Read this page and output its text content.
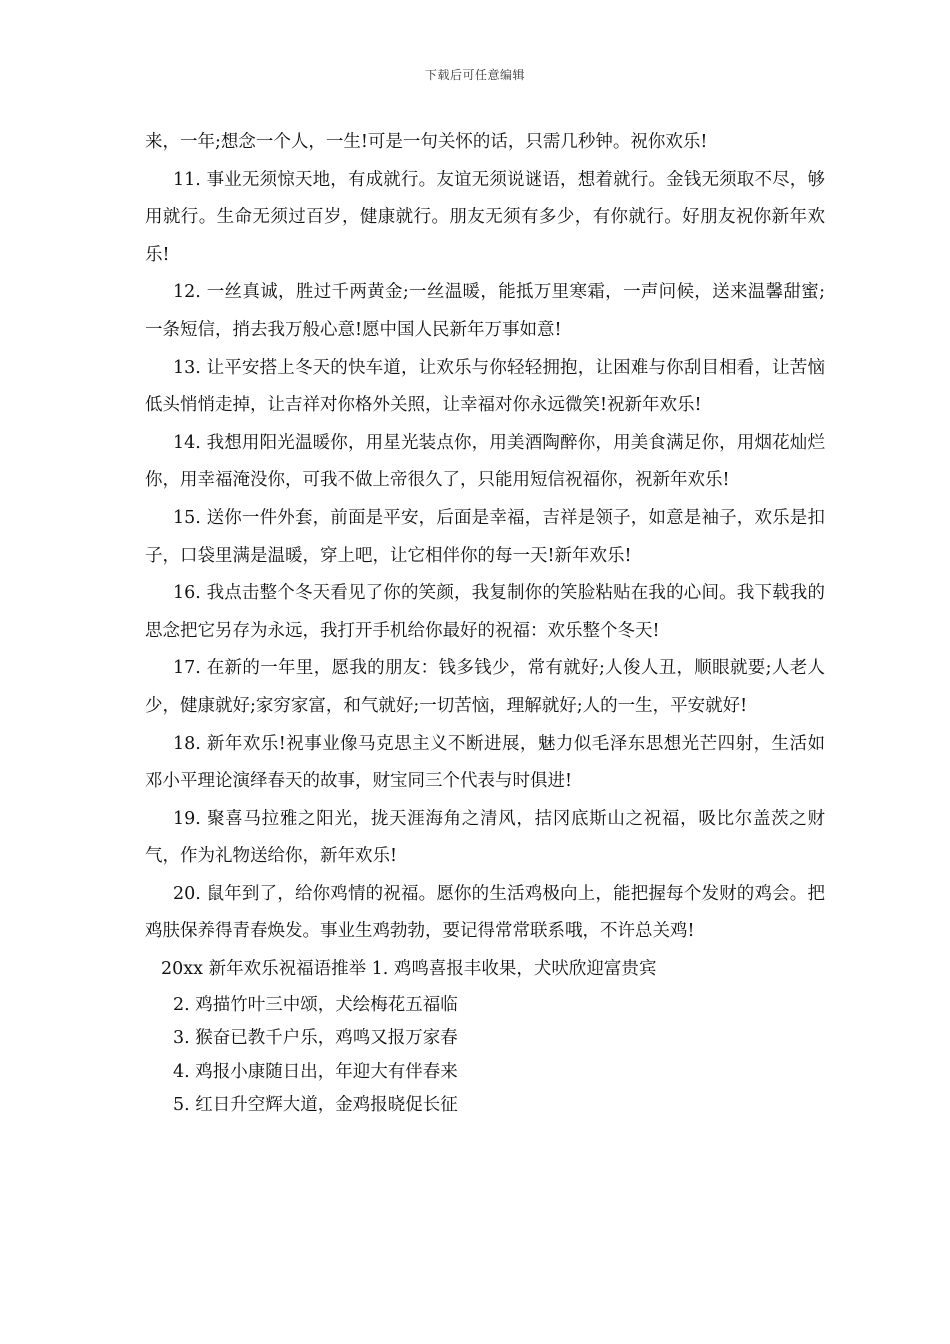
下载后可任意编辑

来，一年;想念一个人，一生!可是一句关怀的话，只需几秒钟。祝你欢乐!

11. 事业无须惊天地，有成就行。友谊无须说谜语，想着就行。金钱无须取不尽，够用就行。生命无须过百岁，健康就行。朋友无须有多少，有你就行。好朋友祝你新年欢乐!

12. 一丝真诚，胜过千两黄金;一丝温暖，能抵万里寒霜，一声问候，送来温馨甜蜜;一条短信，捎去我万般心意!愿中国人民新年万事如意!

13. 让平安搭上冬天的快车道，让欢乐与你轻轻拥抱，让困难与你刮目相看，让苦恼低头悄悄走掉，让吉祥对你格外关照，让幸福对你永远微笑!祝新年欢乐!

14. 我想用阳光温暖你，用星光装点你，用美酒陶醉你，用美食满足你，用烟花灿烂你，用幸福淹没你，可我不做上帝很久了，只能用短信祝福你，祝新年欢乐!

15. 送你一件外套，前面是平安，后面是幸福，吉祥是领子，如意是袖子，欢乐是扣子，口袋里满是温暖，穿上吧，让它相伴你的每一天!新年欢乐!

16. 我点击整个冬天看见了你的笑颜，我复制你的笑脸粘贴在我的心间。我下载我的思念把它另存为永远，我打开手机给你最好的祝福：欢乐整个冬天!

17. 在新的一年里，愿我的朋友：钱多钱少，常有就好;人俊人丑，顺眼就要;人老人少，健康就好;家穷家富，和气就好;一切苦恼，理解就好;人的一生，平安就好!

18. 新年欢乐!祝事业像马克思主义不断进展，魅力似毛泽东思想光芒四射，生活如邓小平理论演绎春天的故事，财宝同三个代表与时俱进!

19. 聚喜马拉雅之阳光，拢天涯海角之清风，拮冈底斯山之祝福，吸比尔盖茨之财气，作为礼物送给你，新年欢乐!

20. 鼠年到了，给你鸡情的祝福。愿你的生活鸡极向上，能把握每个发财的鸡会。把鸡肤保养得青春焕发。事业生鸡勃勃，要记得常常联系哦，不许总关鸡!

20xx 新年欢乐祝福语推举 1. 鸡鸣喜报丰收果，犬吠欣迎富贵宾

2. 鸡描竹叶三中颂，犬绘梅花五福临

3. 猴奋已教千户乐，鸡鸣又报万家春

4. 鸡报小康随日出，年迎大有伴春来

5. 红日升空辉大道，金鸡报晓促长征
